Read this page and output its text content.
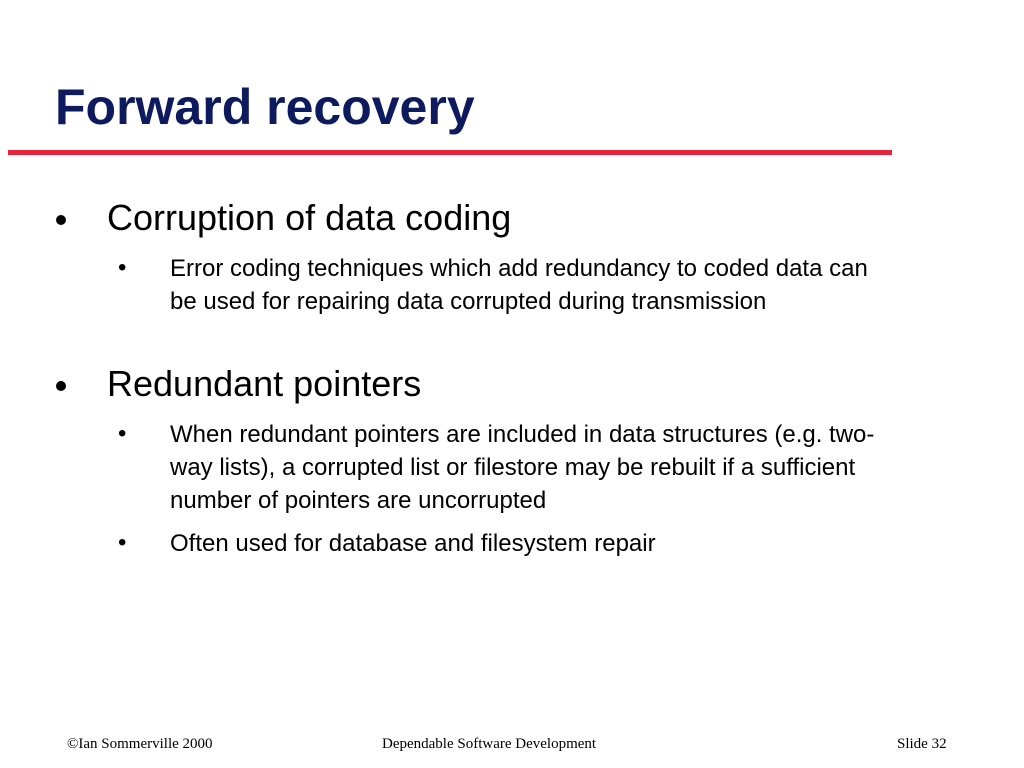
Forward recovery
Corruption of data coding
• Error coding techniques which add redundancy to coded data can be used for repairing data corrupted during transmission
Redundant pointers
• When redundant pointers are included in data structures (e.g. two-way lists), a corrupted list or filestore may be rebuilt if a sufficient number of pointers are uncorrupted
• Often used for database and filesystem repair
©Ian Sommerville 2000	Dependable Software Development	Slide 32
